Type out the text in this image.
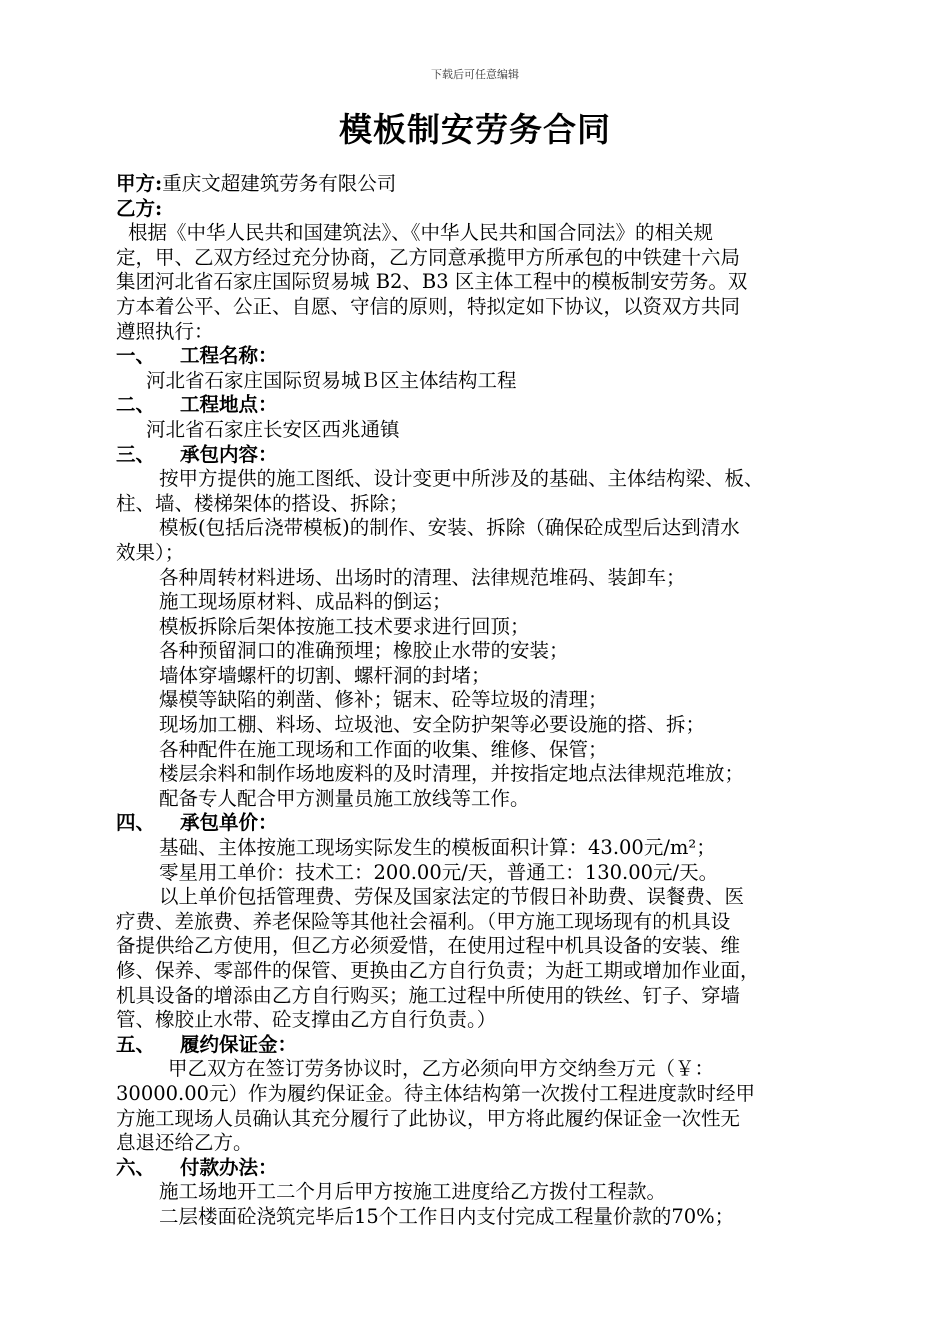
下载后可任意编辑
模板制安劳务合同
甲方:重庆文超建筑劳务有限公司
乙方:
根据《中华人民共和国建筑法》、《中华人民共和国合同法》的相关规
定，甲、乙双方经过充分协商，乙方同意承揽甲方所承包的中铁建十六局
集团河北省石家庄国际贸易城 B2、B3 区主体工程中的模板制安劳务。双
方本着公平、公正、自愿、守信的原则，特拟定如下协议，以资双方共同
遵照执行：
一、 工程名称：
河北省石家庄国际贸易城Ｂ区主体结构工程
二、 工程地点：
河北省石家庄长安区西兆通镇
三、 承包内容：
按甲方提供的施工图纸、设计变更中所涉及的基础、主体结构梁、板、
柱、墙、楼梯架体的搭设、拆除；
模板(包括后浇带模板)的制作、安装、拆除（确保砼成型后达到清水
效果）；
各种周转材料进场、出场时的清理、法律规范堆码、装卸车；
施工现场原材料、成品料的倒运；
模板拆除后架体按施工技术要求进行回顶；
各种预留洞口的准确预埋；橡胶止水带的安装；
墙体穿墙螺杆的切割、螺杆洞的封堵；
爆模等缺陷的剃凿、修补；锯末、砼等垃圾的清理；
现场加工棚、料场、垃圾池、安全防护架等必要设施的搭、拆；
各种配件在施工现场和工作面的收集、维修、保管；
楼层余料和制作场地废料的及时清理，并按指定地点法律规范堆放；
配备专人配合甲方测量员施工放线等工作。
四、 承包单价：
基础、主体按施工现场实际发生的模板面积计算：43.00元/m²；
零星用工单价：技术工：200.00元/天，普通工：130.00元/天。
以上单价包括管理费、劳保及国家法定的节假日补助费、误餐费、医
疗费、差旅费、养老保险等其他社会福利。（甲方施工现场现有的机具设
备提供给乙方使用，但乙方必须爱惜，在使用过程中机具设备的安装、维
修、保养、零部件的保管、更换由乙方自行负责；为赶工期或增加作业面，
机具设备的增添由乙方自行购买；施工过程中所使用的铁丝、钉子、穿墙
管、橡胶止水带、砼支撑由乙方自行负责。）
五、 履约保证金：
甲乙双方在签订劳务协议时，乙方必须向甲方交纳叁万元（￥：
30000.00元）作为履约保证金。待主体结构第一次拨付工程进度款时经甲
方施工现场人员确认其充分履行了此协议，甲方将此履约保证金一次性无
息退还给乙方。
六、 付款办法：
施工场地开工二个月后甲方按施工进度给乙方拨付工程款。
二层楼面砼浇筑完毕后15个工作日内支付完成工程量价款的70%；
